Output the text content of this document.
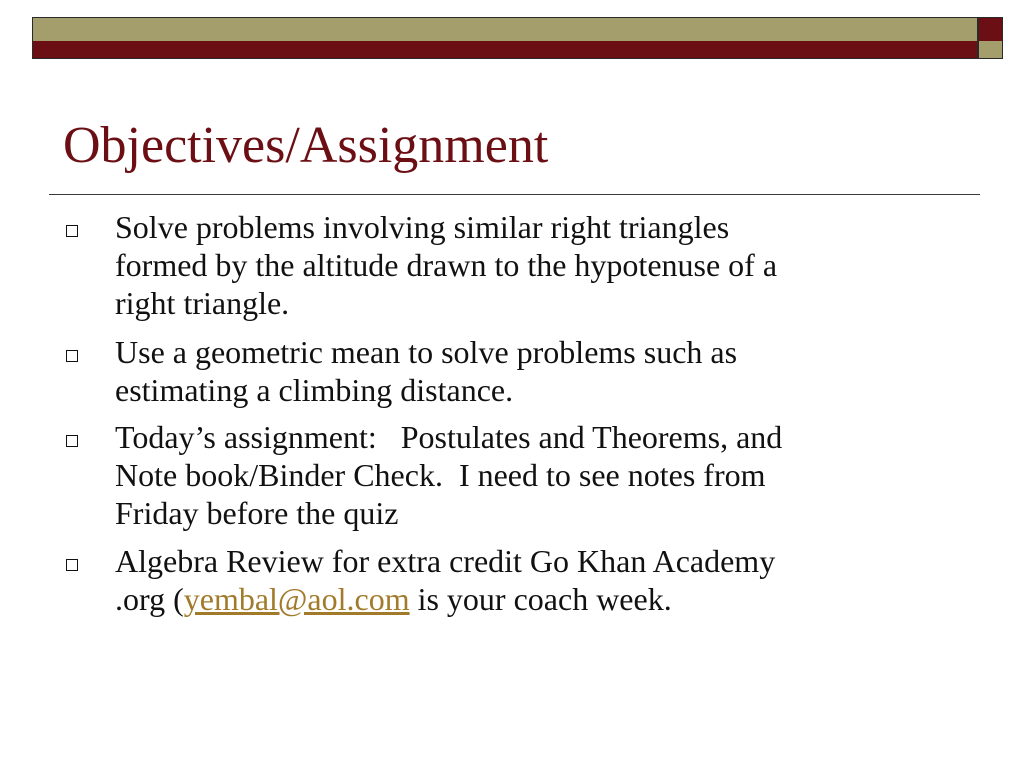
Objectives/Assignment
Solve problems involving similar right triangles
formed by the altitude drawn to the hypotenuse of a
right triangle.
Use a geometric mean to solve problems such as
estimating a climbing distance.
Today’s assignment:   Postulates and Theorems, and
Note book/Binder Check.  I need to see notes from
Friday before the quiz
Algebra Review for extra credit Go Khan Academy
.org (yembal@aol.com is your coach week.
